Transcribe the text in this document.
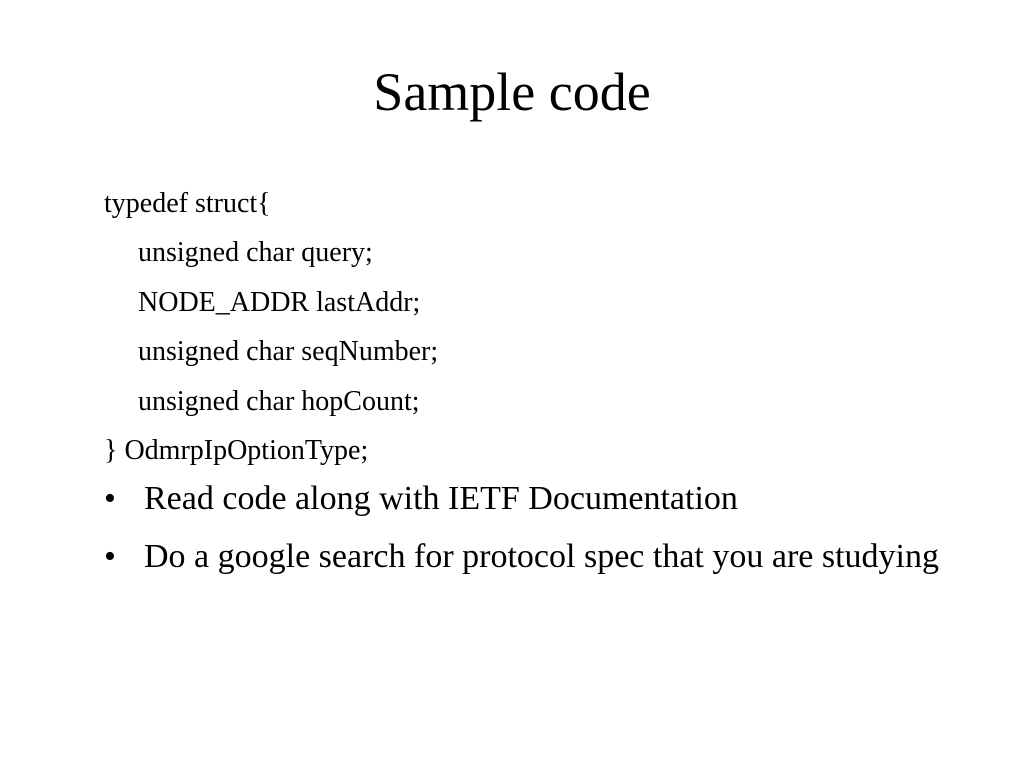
Sample code
typedef struct{
unsigned char query;
NODE_ADDR lastAddr;
unsigned char seqNumber;
unsigned char hopCount;
} OdmrpIpOptionType;
• Read code along with IETF Documentation
• Do a google search for protocol spec that you are studying
